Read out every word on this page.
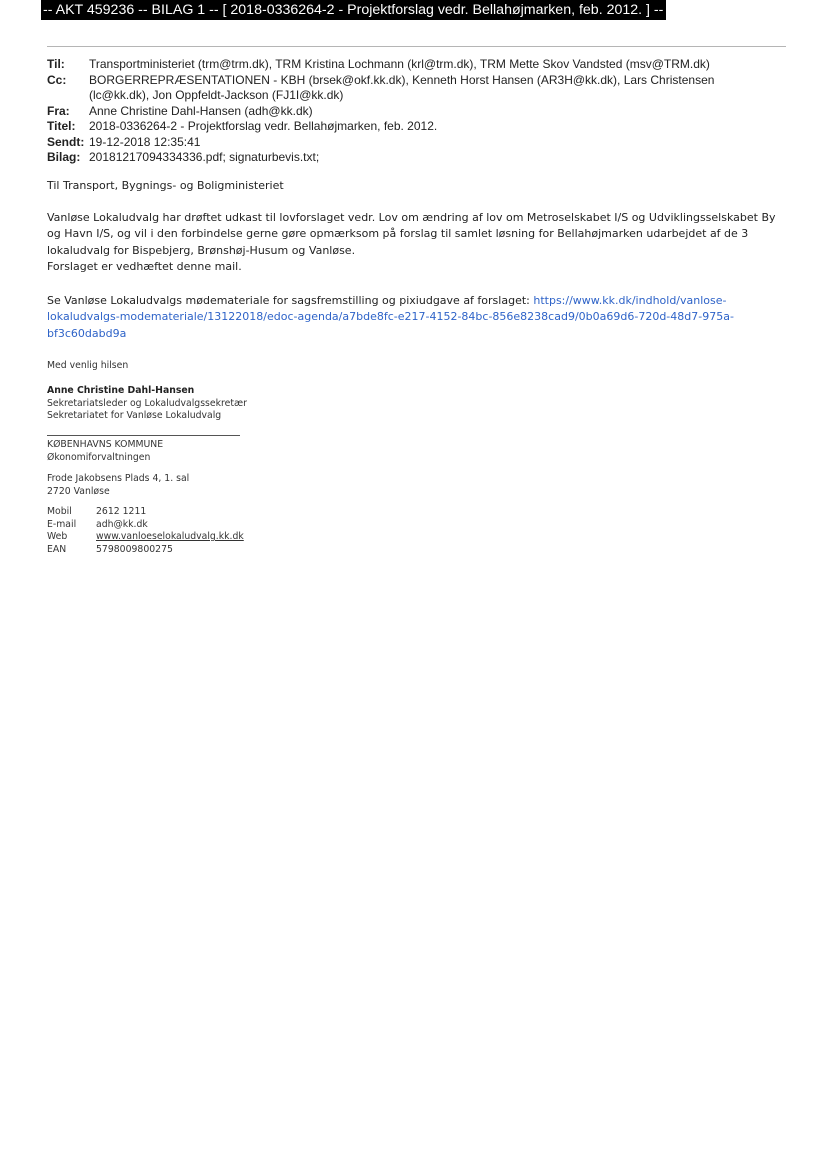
-- AKT 459236 -- BILAG 1 -- [ 2018-0336264-2 - Projektforslag vedr. Bellahøjmarken, feb. 2012. ] --
Til:	Transportministeriet (trm@trm.dk), TRM Kristina Lochmann (krl@trm.dk), TRM Mette Skov Vandsted (msv@TRM.dk)
Cc:	BORGERREPRÆSENTATIONEN - KBH (brsek@okf.kk.dk), Kenneth Horst Hansen (AR3H@kk.dk), Lars Christensen
(lc@kk.dk), Jon Oppfeldt-Jackson (FJ1I@kk.dk)
Fra:	Anne Christine Dahl-Hansen (adh@kk.dk)
Titel:	2018-0336264-2 - Projektforslag vedr. Bellahøjmarken, feb. 2012.
Sendt: 19-12-2018 12:35:41
Bilag: 20181217094334336.pdf; signaturbevis.txt;
Til Transport, Bygnings- og Boligministeriet
Vanløse Lokaludvalg har drøftet udkast til lovforslaget vedr. Lov om ændring af lov om Metroselskabet I/S og Udviklingsselskabet By
og Havn I/S, og vil i den forbindelse gerne gøre opmærksom på forslag til samlet løsning for Bellahøjmarken udarbejdet af de 3
lokaludvalg for Bispebjerg, Brønshøj-Husum og Vanløse.
Forslaget er vedhæftet denne mail.
Se Vanløse Lokaludvalgs mødemateriale for sagsfremstilling og pixiudgave af forslaget: https://www.kk.dk/indhold/vanlose-
lokaludvalgs-modemateriale/13122018/edoc-agenda/a7bde8fc-e217-4152-84bc-856e8238cad9/0b0a69d6-720d-48d7-975a-
bf3c60dabd9a
Med venlig hilsen
Anne Christine Dahl-Hansen
Sekretariatsleder og Lokaludvalgssekretær
Sekretariatet for Vanløse Lokaludvalg
KØBENHAVNS KOMMUNE
Økonomiforvaltningen
Frode Jakobsens Plads 4, 1. sal
2720 Vanløse
Mobil	2612 1211
E-mail	adh@kk.dk
Web	www.vanloeselokaludvalg.kk.dk
EAN	5798009800275
